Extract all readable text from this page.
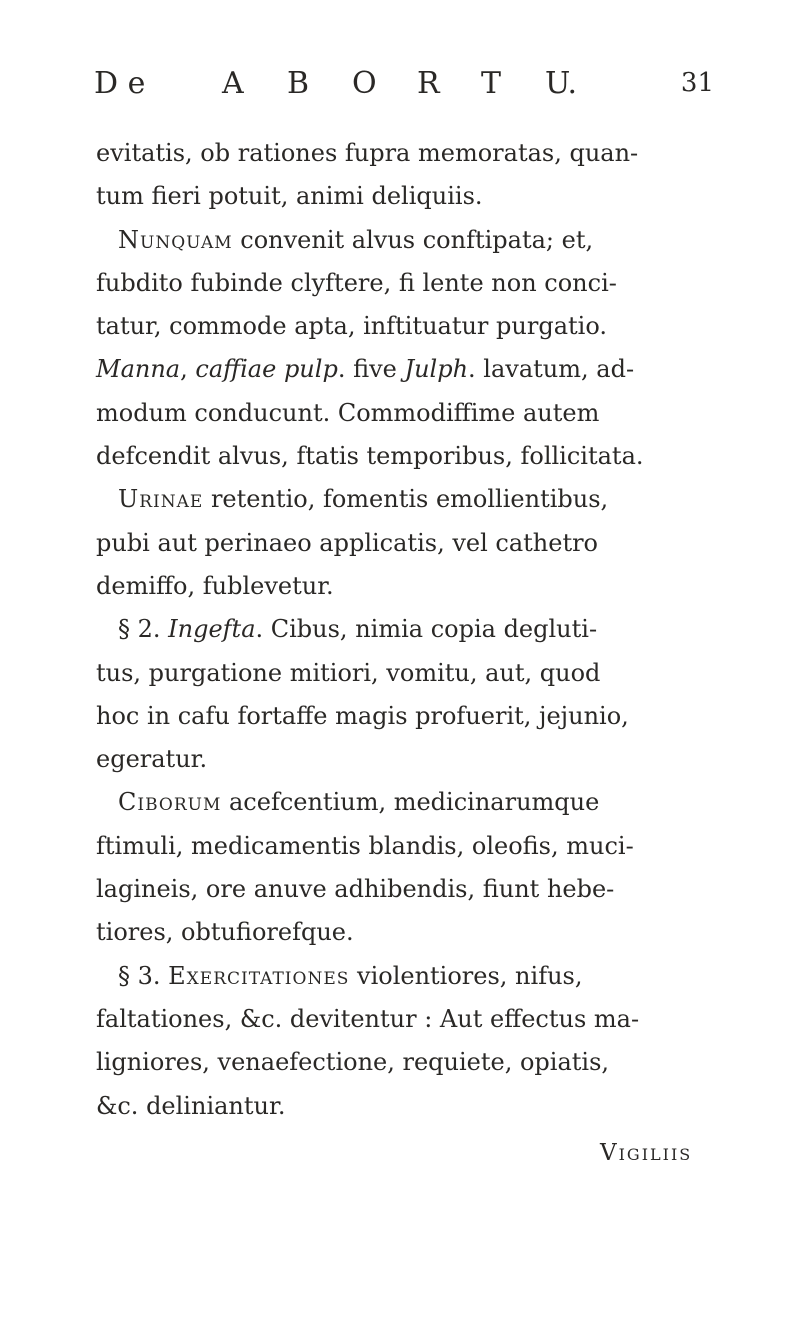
D e	A	B	O	R	T	U.	31
evitatis, ob rationes fupra memoratas, quan-
tum fieri potuit, animi deliquiis.
Nunquam convenit alvus conftipata; et,
fubdito fubinde clyftere, fi lente non conci-
tatur, commode apta, inftituatur purgatio.
Manna, caffiae pulp. five Julph. lavatum, ad-
modum conducunt. Commodiffime autem
defcendit alvus, ftatis temporibus, follicitata.
Urinae retentio, fomentis emollientibus,
pubi aut perinaeo applicatis, vel cathetro
demiffo, fublevetur.
§ 2. Ingefta. Cibus, nimia copia degluti-
tus, purgatione mitiori, vomitu, aut, quod
hoc in cafu fortaffe magis profuerit, jejunio,
egeratur.
Ciborum acefcentium, medicinarumque
ftimuli, medicamentis blandis, oleofis, muci-
lagineis, ore anuve adhibendis, fiunt hebe-
tiores, obtufiorefque.
§ 3. Exercitationes violentiores, nifus,
faltationes, &c. devitentur : Aut effectus ma-
ligniores, venaefectione, requiete, opiatis,
&c. deliniantur.
Vigiliis
